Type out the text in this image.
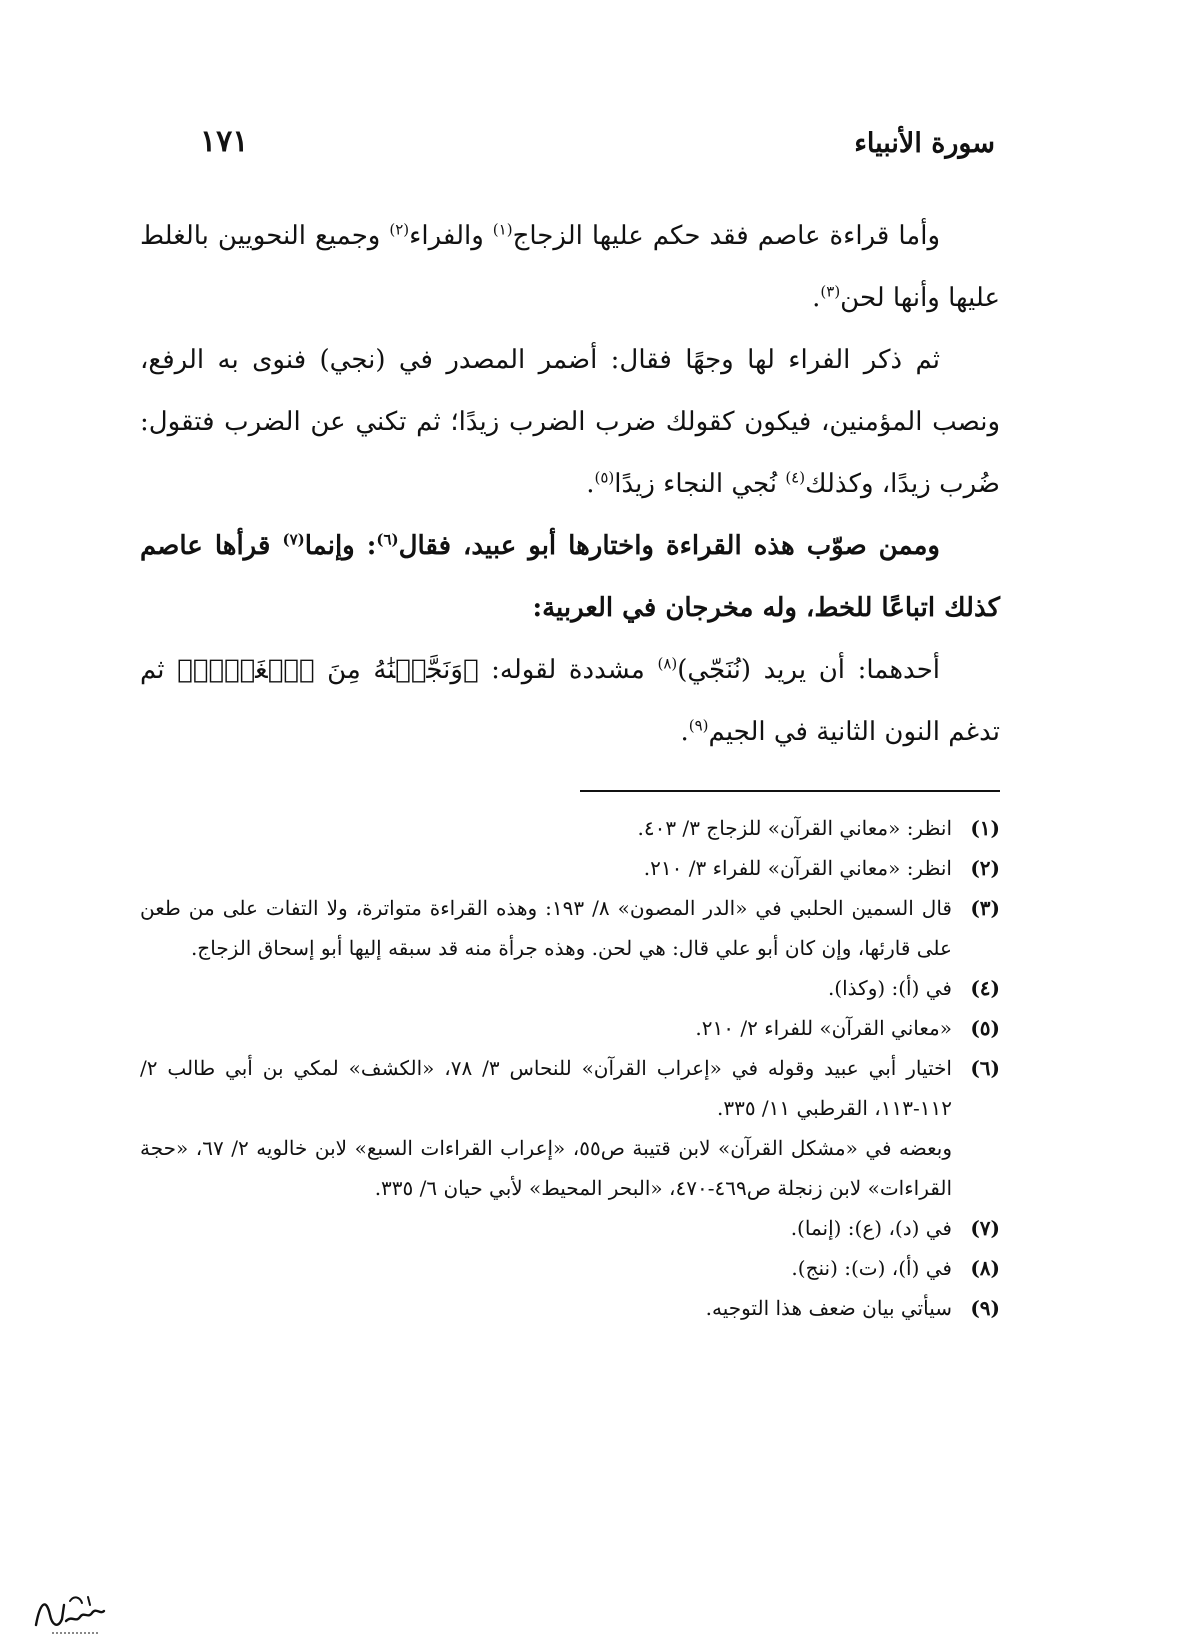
سورة الأنبياء
١٧١

وأما قراءة عاصم فقد حكم عليها الزجاج$^{(١)}$ والفراء$^{(٢)}$ وجميع النحويين بالغلط عليها وأنها لحن$^{(٣)}$.

ثم ذكر الفراء لها وجهًا فقال: أضمر المصدر في (نجي) فنوى به الرفع، ونصب المؤمنين، فيكون كقولك ضرب الضرب زيدًا؛ ثم تكني عن الضرب فتقول: ضُرب زيدًا، وكذلك$^{(٤)}$ نُجي النجاء زيدًا$^{(٥)}$.

وممن صوّب هذه القراءة واختارها أبو عبيد، فقال$^{(٦)}$: وإنما$^{(٧)}$ قرأها عاصم كذلك اتباعًا للخط، وله مخرجان في العربية:

أحدهما: أن يريد (نُنَجّي)$^{(٨)}$ مشددة لقوله: ﴿وَنَجَّيۡنَٰهُ مِنَ ٱلۡغَمِّۚ﴾ ثم تدغم النون الثانية في الجيم$^{(٩)}$.

(١)
انظر: «معاني القرآن» للزجاج ٣/ ٤٠٣.
(٢)
انظر: «معاني القرآن» للفراء ٣/ ٢١٠.
(٣)
قال السمين الحلبي في «الدر المصون» ٨/ ١٩٣: وهذه القراءة متواترة، ولا التفات على من طعن على قارئها، وإن كان أبو علي قال: هي لحن. وهذه جرأة منه قد سبقه إليها أبو إسحاق الزجاج.
(٤)
في (أ): (وكذا).
(٥)
«معاني القرآن» للفراء ٢/ ٢١٠.
(٦)
اختيار أبي عبيد وقوله في «إعراب القرآن» للنحاس ٣/ ٧٨، «الكشف» لمكي بن أبي طالب ٢/ ١١٢-١١٣، القرطبي ١١/ ٣٣٥.
وبعضه في «مشكل القرآن» لابن قتيبة ص٥٥، «إعراب القراءات السبع» لابن خالويه ٢/ ٦٧، «حجة القراءات» لابن زنجلة ص٤٦٩-٤٧٠، «البحر المحيط» لأبي حيان ٦/ ٣٣٥.
(٧)
في (د)، (ع): (إنما).
(٨)
في (أ)، (ت): (ننج).
(٩)
سيأتي بيان ضعف هذا التوجيه.
